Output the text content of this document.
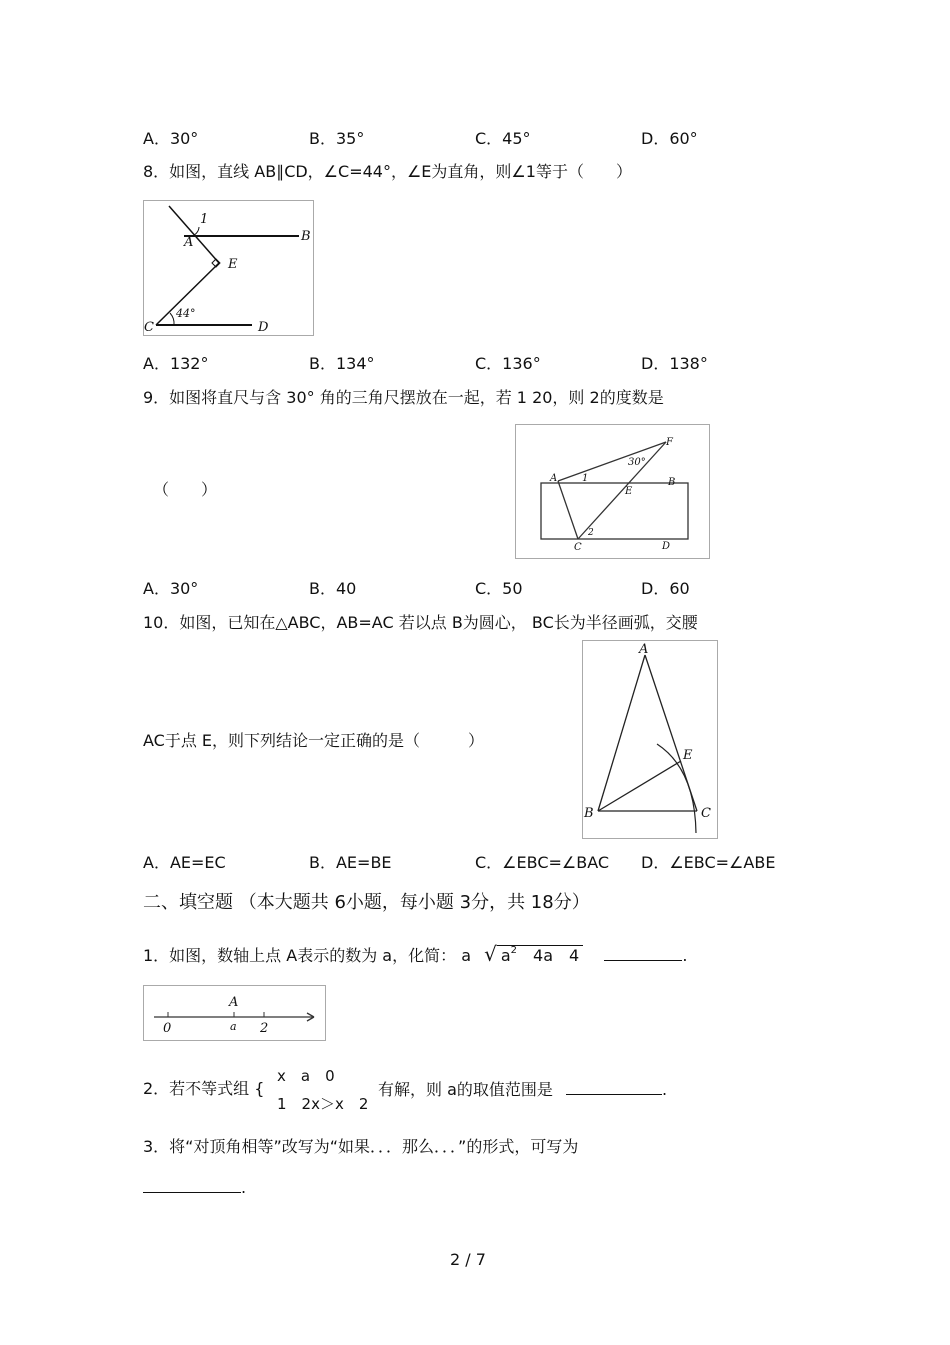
A．30°	B．35°	C．45°	D．60°
8．如图，直线 AB∥CD，∠C=44°，∠E为直角，则∠1等于（　　）
1
A	B
E
C	D
44°
A．132°	B．134°	C．136°	D．138°
9．如图将直尺与含 30° 角的三角尺摆放在一起，若 1 20，则 2的度数是
（　　）
F
30°
A 1	B
E
2
C	D
A．30°	B．40	C．50	D．60
10．如图，已知在△ABC，AB=AC 若以点 B为圆心， BC长为半径画弧，交腰
AC于点 E，则下列结论一定正确的是（　　　）
A
E
B	C
A．AE=EC	B．AE=BE	C．∠EBC=∠BAC D．∠EBC=∠ABE
二、填空题 （本大题共 6小题，每小题 3分，共 18分）
1．如图，数轴上点 A表示的数为 a，化简： a √ $a^2$　 4a　4	.
A
0	a 2
2．若不等式组 {
x　a　0
1　2x＞x　2
有解，则 a的取值范围是	.
3．将“对顶角相等”改写为“如果．．．那么．．．”的形式，可写为
.
2 / 7
